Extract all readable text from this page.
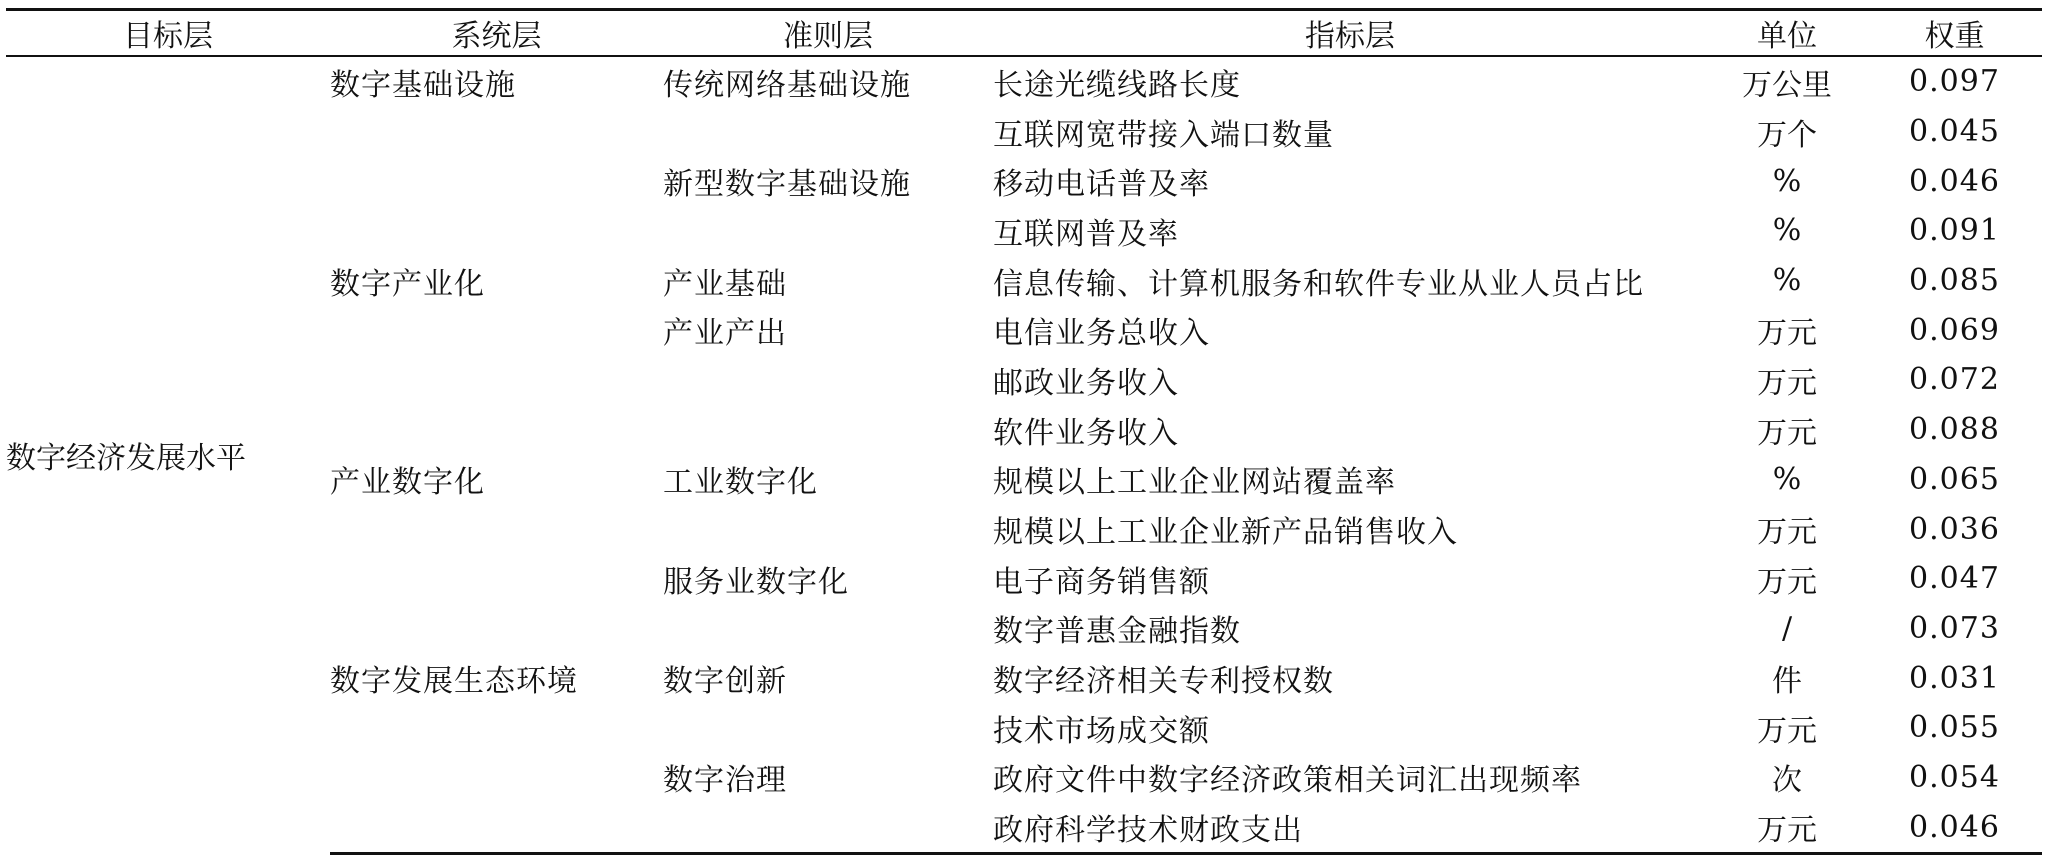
目标层	系统层	准则层	指标层	单位	权重
数字经济发展水平	数字基础设施	传统网络基础设施	长途光缆线路长度	万公里	0.097
			互联网宽带接入端口数量	万个	0.045
		新型数字基础设施	移动电话普及率	%	0.046
			互联网普及率	%	0.091
	数字产业化	产业基础	信息传输、计算机服务和软件专业从业人员占比	%	0.085
		产业产出	电信业务总收入	万元	0.069
			邮政业务收入	万元	0.072
			软件业务收入	万元	0.088
	产业数字化	工业数字化	规模以上工业企业网站覆盖率	%	0.065
			规模以上工业企业新产品销售收入	万元	0.036
		服务业数字化	电子商务销售额	万元	0.047
			数字普惠金融指数	/	0.073
	数字发展生态环境	数字创新	数字经济相关专利授权数	件	0.031
			技术市场成交额	万元	0.055
		数字治理	政府文件中数字经济政策相关词汇出现频率	次	0.054
			政府科学技术财政支出	万元	0.046
